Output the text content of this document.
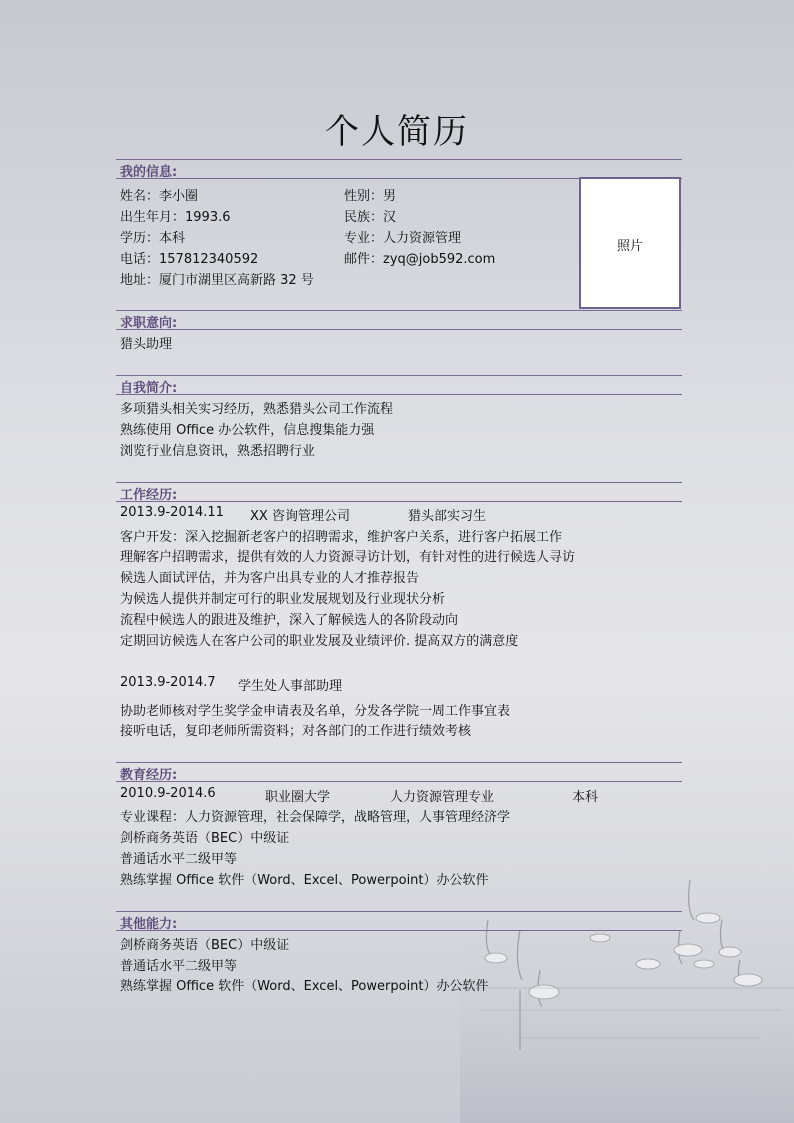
个人简历
我的信息:
姓名：李小圈	性别：男
出生年月：1993.6	民族：汉
学历：本科	专业：人力资源管理
电话：157812340592	邮件：zyq@job592.com
地址：厦门市湖里区高新路 32 号
照片
求职意向:
猎头助理
自我简介:
多项猎头相关实习经历，熟悉猎头公司工作流程
熟练使用 Office 办公软件，信息搜集能力强
浏览行业信息资讯，熟悉招聘行业
工作经历:
2013.9-2014.11 XX 咨询管理公司	猎头部实习生
客户开发：深入挖掘新老客户的招聘需求，维护客户关系，进行客户拓展工作
理解客户招聘需求，提供有效的人力资源寻访计划，有针对性的进行候选人寻访
候选人面试评估，并为客户出具专业的人才推荐报告
为候选人提供并制定可行的职业发展规划及行业现状分析
流程中候选人的跟进及维护，深入了解候选人的各阶段动向
定期回访候选人在客户公司的职业发展及业绩评价. 提高双方的满意度
2013.9-2014.7 学生处人事部助理
协助老师核对学生奖学金申请表及名单，分发各学院一周工作事宜表
接听电话，复印老师所需资料；对各部门的工作进行绩效考核
教育经历:
2010.9-2014.6	职业圈大学	人力资源管理专业	本科
专业课程：人力资源管理，社会保障学，战略管理，人事管理经济学
剑桥商务英语（BEC）中级证
普通话水平二级甲等
熟练掌握 Office 软件（Word、Excel、Powerpoint）办公软件
其他能力:
剑桥商务英语（BEC）中级证
普通话水平二级甲等
熟练掌握 Office 软件（Word、Excel、Powerpoint）办公软件
